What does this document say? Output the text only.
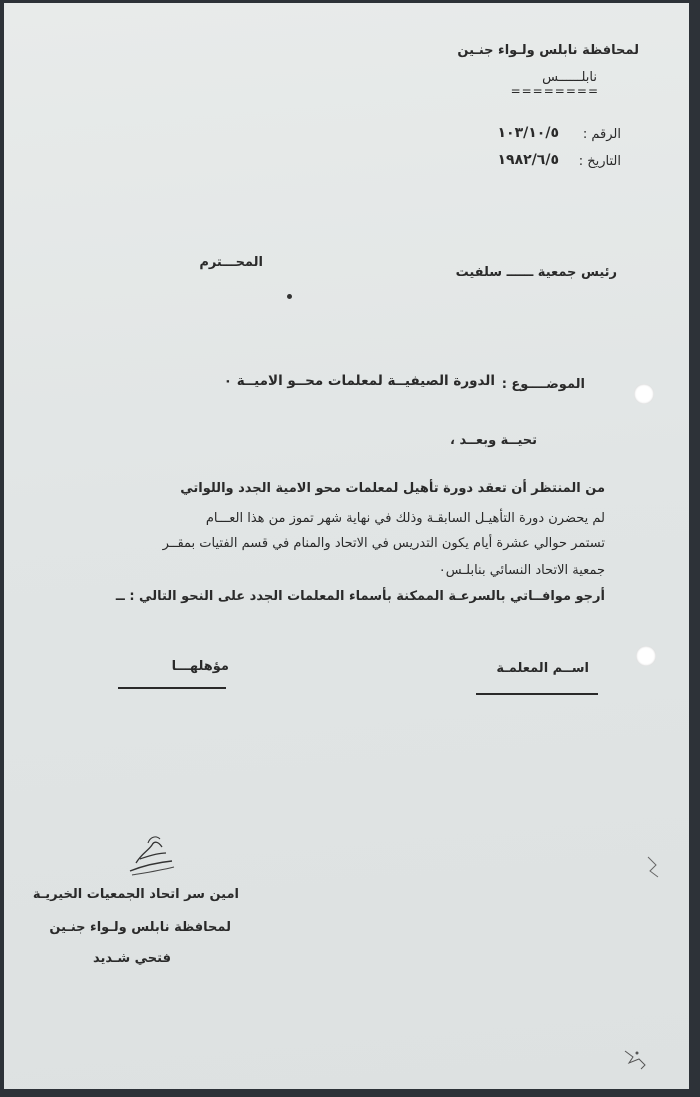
لمحافظة نابلس ولـواء جنـين
نابلــــــس
========
الرقم :
١٠٣/١٠/٥
التاريخ :
١٩٨٢/٦/٥
رئيس جمعية ــــــ سلفيت
المحـــترم
الموضــــوع :
الدورة الصيفيــة لمعلمات محــو الاميــة ٠
تحيــة وبعــد ،
من المنتظر أن تعقد دورة تأهيل لمعلمات محو الامية الجدد واللواتي
لم يحضرن دورة التأهيـل السابقـة وذلك في نهاية شهر تموز من هذا العـــام
تستمر حوالي عشرة أيام يكون التدريس في الاتحاد والمنام في قسم الفتيات بمقــر
جمعية الاتحاد النسائي بنابلـس٠
أرجو موافــاتي بالسرعـة الممكنة بأسماء المعلمات الجدد على النحو التالي : ــ
اســم المعلمـة
مؤهلهـــا
امين سر اتحاد الجمعيات الخيريـة
لمحافظة نابلس ولـواء جنـين
فتحي شـديد
